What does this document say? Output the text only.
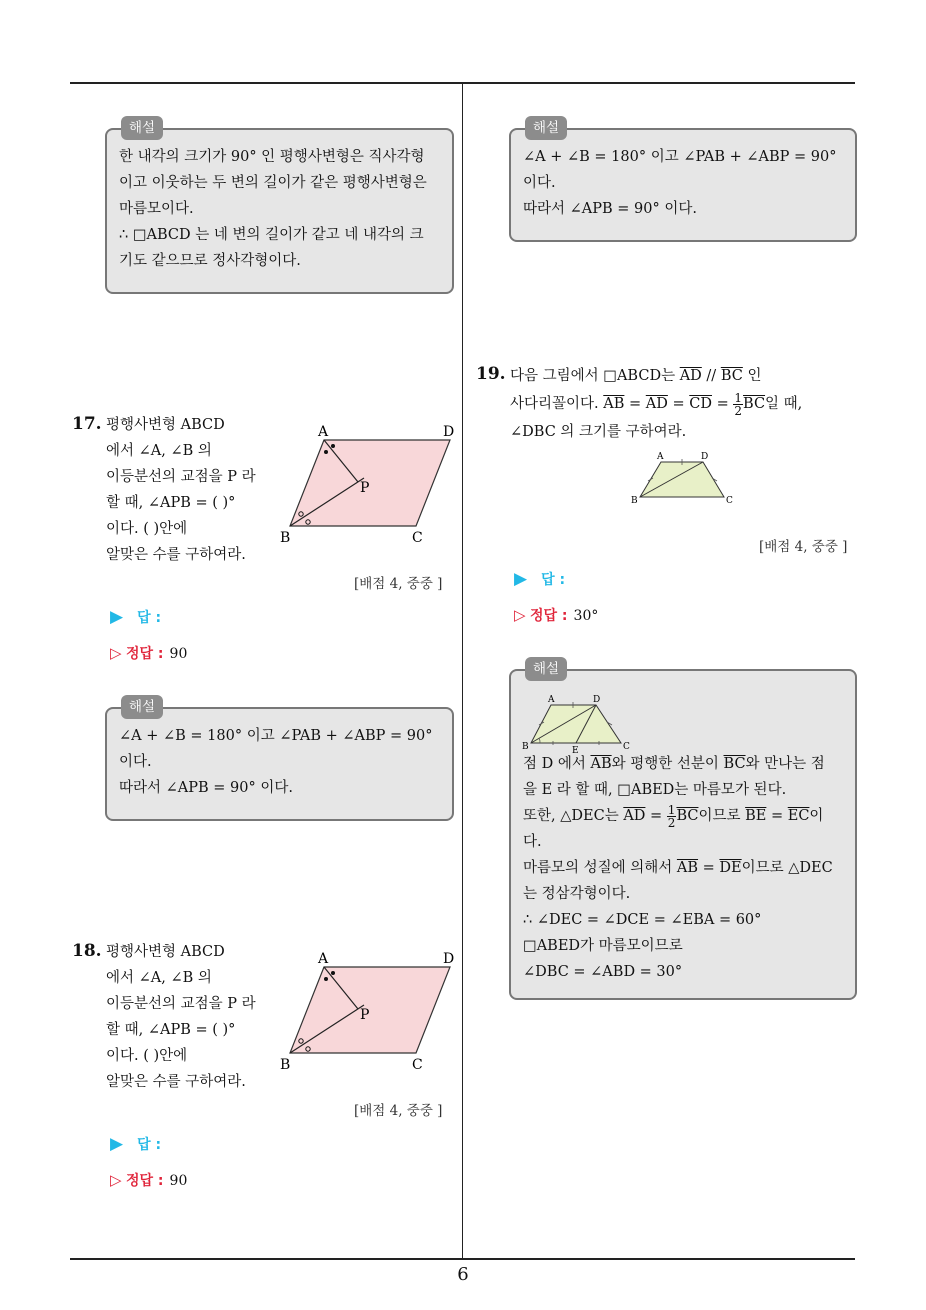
해설
한 내각의 크기가 90° 인 평행사변형은 직사각형
이고 이웃하는 두 변의 길이가 같은 평행사변형은
마름모이다.
∴ □ABCD 는 네 변의 길이가 같고 네 내각의 크
기도 같으므로 정사각형이다.
17. 평행사변형 ABCD
에서 ∠A, ∠B 의
이등분선의 교점을 P 라
할 때, ∠APB = ( )°
이다. ( )안에
알맞은 수를 구하여라.
A	D
B	C
P
[배점 4, 중중 ]
▶ 답 :
▷ 정답 : 90
해설
∠A + ∠B = 180° 이고 ∠PAB + ∠ABP = 90°
이다.
따라서 ∠APB = 90° 이다.
18. 평행사변형 ABCD
에서 ∠A, ∠B 의
이등분선의 교점을 P 라
할 때, ∠APB = ( )°
이다. ( )안에
알맞은 수를 구하여라.
A	D
B	C
P
[배점 4, 중중 ]
▶ 답 :
▷ 정답 : 90
해설
∠A + ∠B = 180° 이고 ∠PAB + ∠ABP = 90°
이다.
따라서 ∠APB = 90° 이다.
19. 다음 그림에서 □ABCD는 $\overline{AD} // \overline{BC}$ 인
사다리꼴이다. $\overline{AB} = \overline{AD} = \overline{CD} = \frac{1}{2} \overline{BC}$일 때,
∠DBC 의 크기를 구하여라.
A	D
B	C
[배점 4, 중중 ]
▶ 답 :
▷ 정답 : 30°
해설
A	D
B	E	C
점 D 에서 $\overline{AB}$와 평행한 선분이 $\overline{BC}$와 만나는 점
을 E 라 할 때, □ABED는 마름모가 된다.
또한, △DEC는 $\overline{AD} = \frac{1}{2} \overline{BC}$이므로 $\overline{BE} = \overline{EC}$이
다.
마름모의 성질에 의해서 $\overline{AB} = \overline{DE}$이므로 △DEC
는 정삼각형이다.
∴ ∠DEC = ∠DCE = ∠EBA = 60°
□ABED가 마름모이므로
∠DBC = ∠ABD = 30°
6
